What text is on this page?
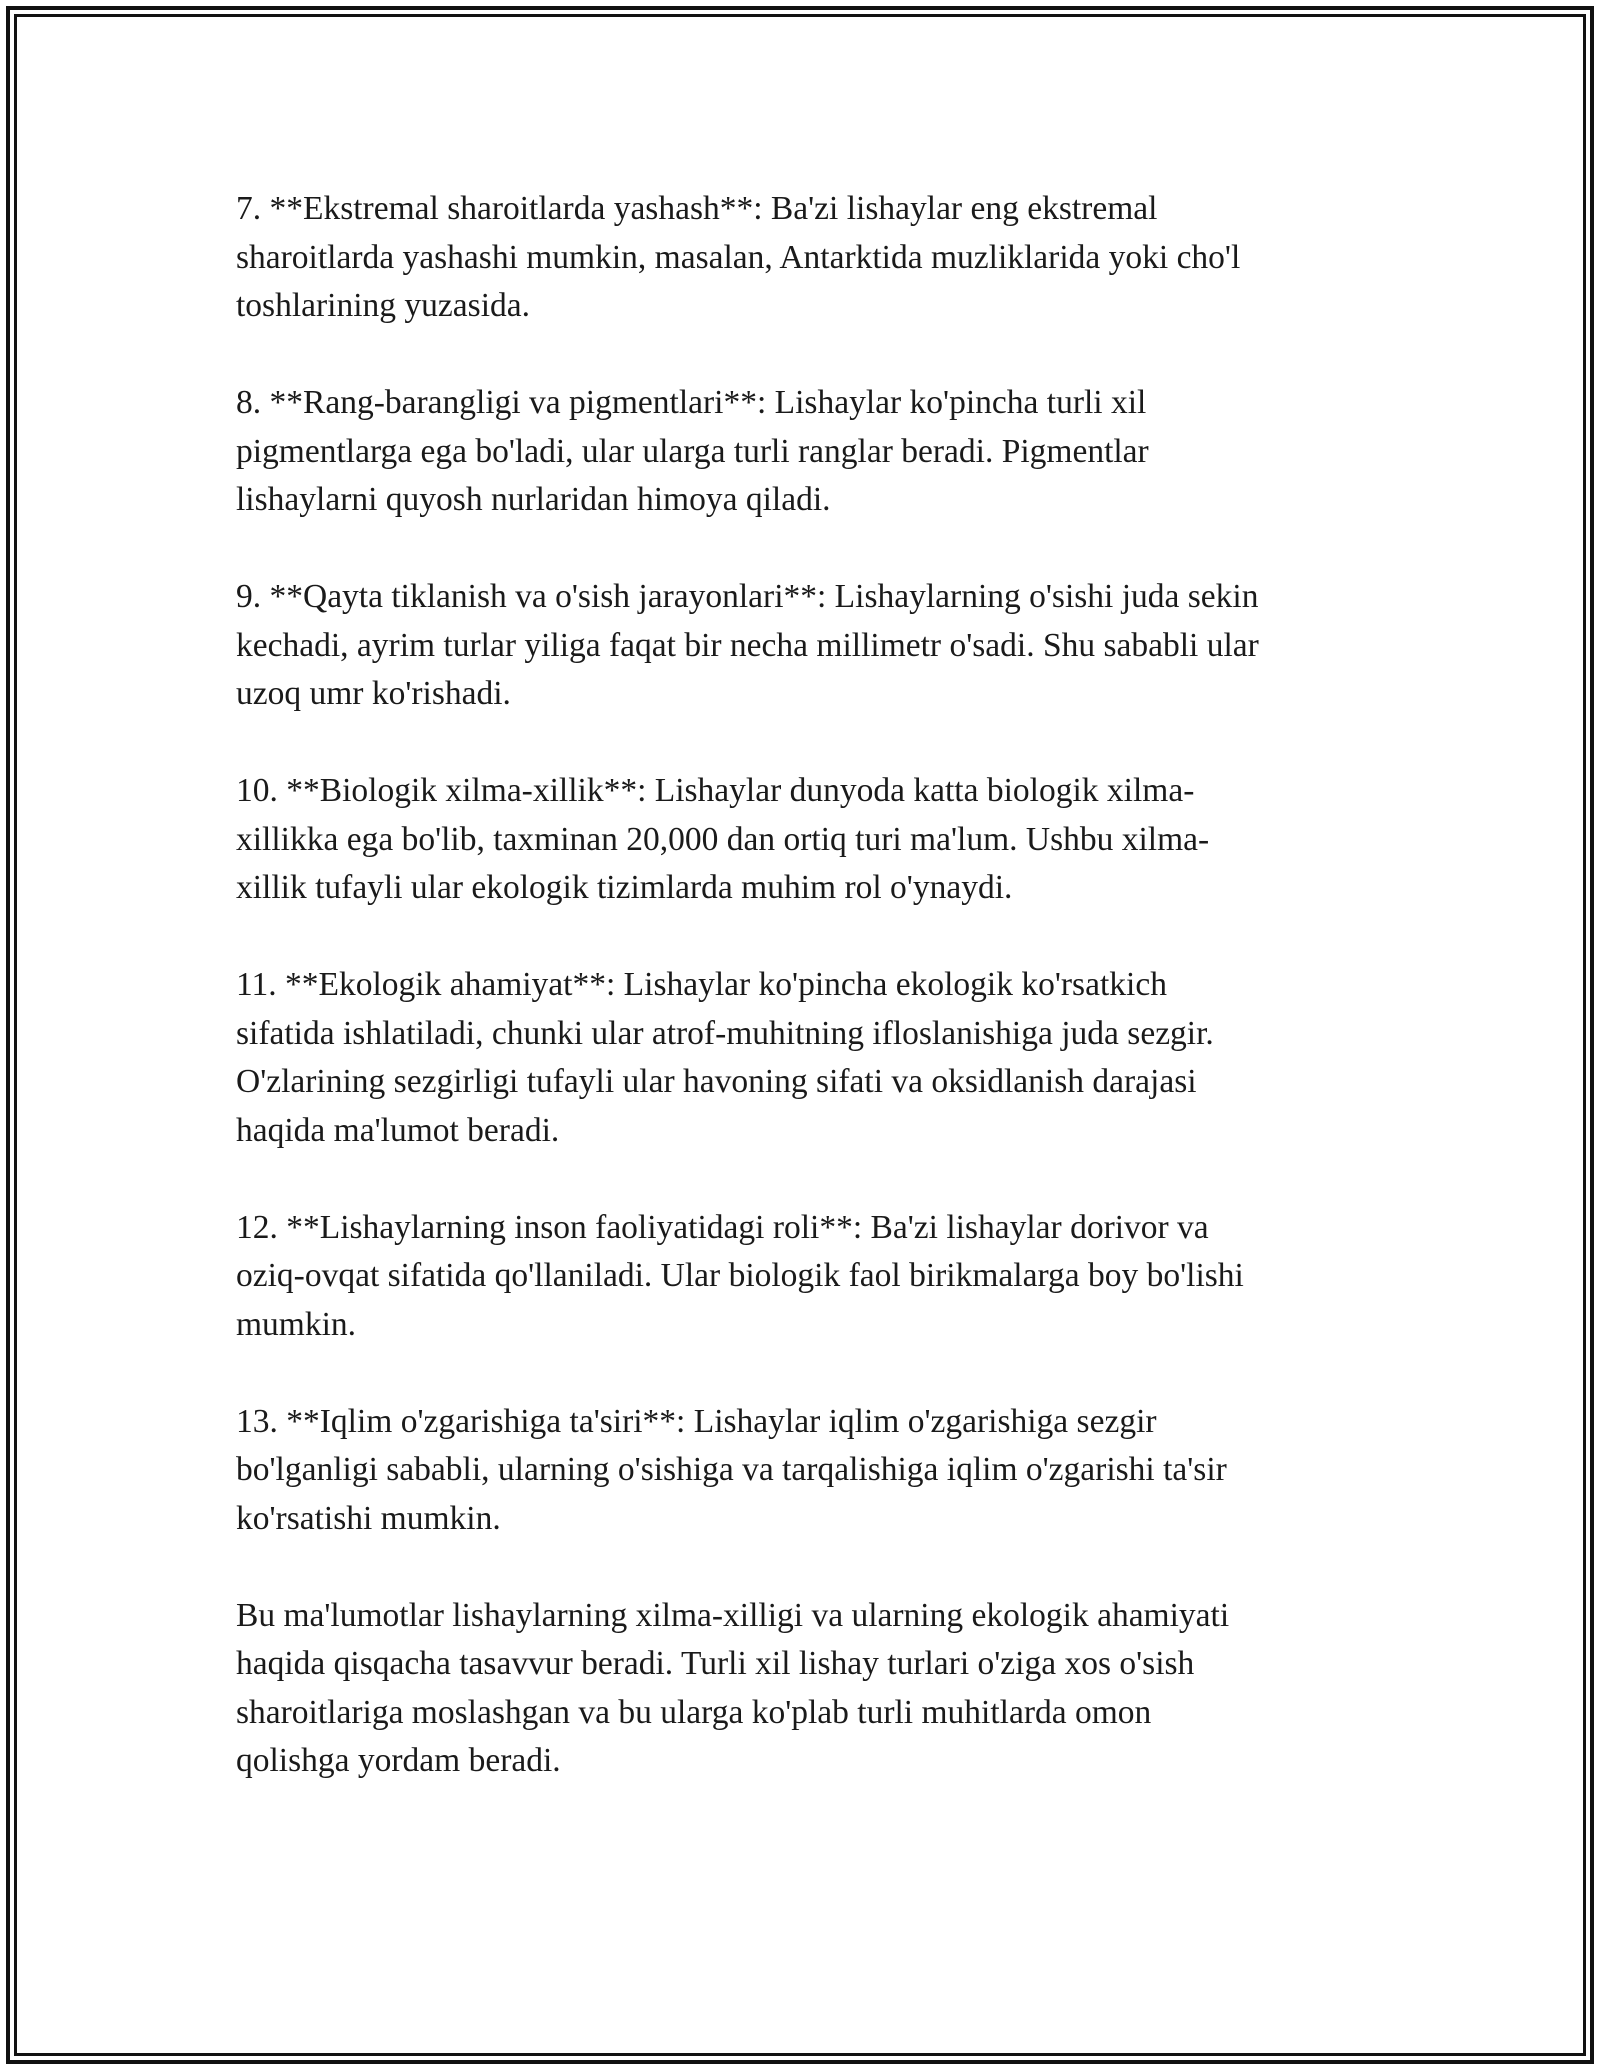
7. **Ekstremal sharoitlarda yashash**: Ba'zi lishaylar eng ekstremal
sharoitlarda yashashi mumkin, masalan, Antarktida muzliklarida yoki cho'l
toshlarining yuzasida.

8. **Rang-barangligi va pigmentlari**: Lishaylar ko'pincha turli xil
pigmentlarga ega bo'ladi, ular ularga turli ranglar beradi. Pigmentlar
lishaylarni quyosh nurlaridan himoya qiladi.

9. **Qayta tiklanish va o'sish jarayonlari**: Lishaylarning o'sishi juda sekin
kechadi, ayrim turlar yiliga faqat bir necha millimetr o'sadi. Shu sababli ular
uzoq umr ko'rishadi.

10. **Biologik xilma-xillik**: Lishaylar dunyoda katta biologik xilma-
xillikka ega bo'lib, taxminan 20,000 dan ortiq turi ma'lum. Ushbu xilma-
xillik tufayli ular ekologik tizimlarda muhim rol o'ynaydi.

11. **Ekologik ahamiyat**: Lishaylar ko'pincha ekologik ko'rsatkich
sifatida ishlatiladi, chunki ular atrof-muhitning ifloslanishiga juda sezgir.
O'zlarining sezgirligi tufayli ular havoning sifati va oksidlanish darajasi
haqida ma'lumot beradi.

12. **Lishaylarning inson faoliyatidagi roli**: Ba'zi lishaylar dorivor va
oziq-ovqat sifatida qo'llaniladi. Ular biologik faol birikmalarga boy bo'lishi
mumkin.

13. **Iqlim o'zgarishiga ta'siri**: Lishaylar iqlim o'zgarishiga sezgir
bo'lganligi sababli, ularning o'sishiga va tarqalishiga iqlim o'zgarishi ta'sir
ko'rsatishi mumkin.

Bu ma'lumotlar lishaylarning xilma-xilligi va ularning ekologik ahamiyati
haqida qisqacha tasavvur beradi. Turli xil lishay turlari o'ziga xos o'sish
sharoitlariga moslashgan va bu ularga ko'plab turli muhitlarda omon
qolishga yordam beradi.
